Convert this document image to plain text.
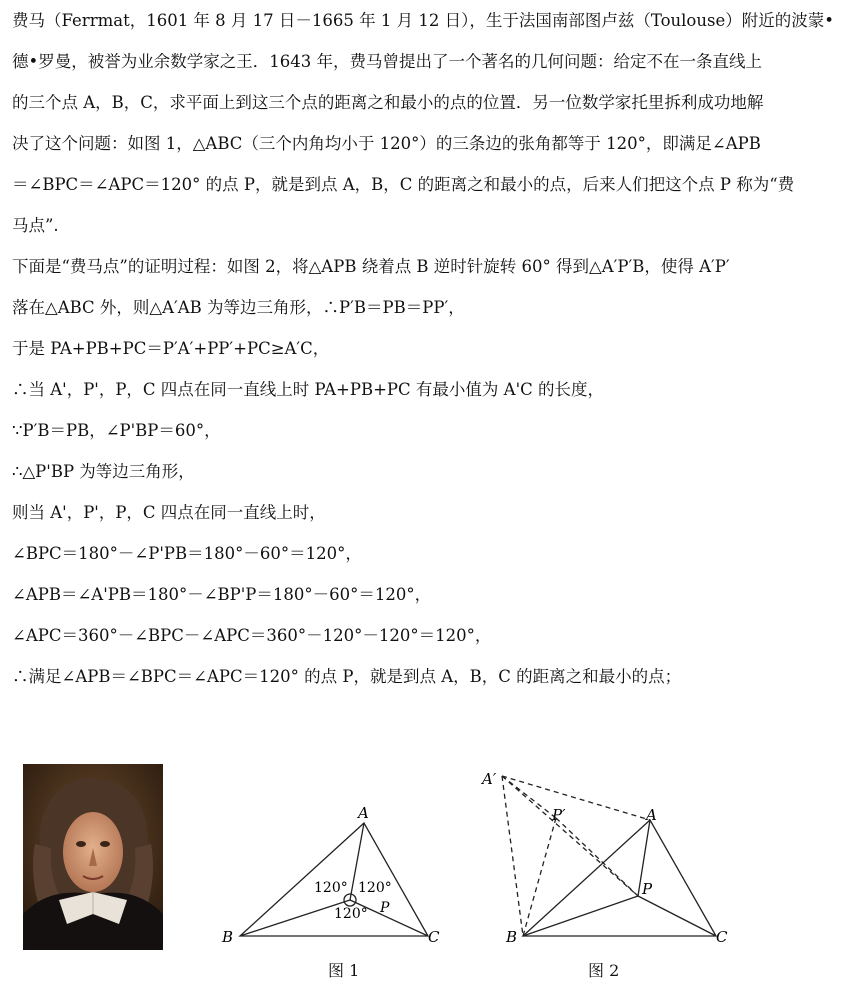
费马（Ferrmat，1601 年 8 月 17 日－1665 年 1 月 12 日），生于法国南部图卢兹（Toulouse）附近的波蒙•
德•罗曼，被誉为业余数学家之王．1643 年，费马曾提出了一个著名的几何问题：给定不在一条直线上
的三个点 A，B，C，求平面上到这三个点的距离之和最小的点的位置．另一位数学家托里拆利成功地解
决了这个问题：如图 1，△ABC（三个内角均小于 120°）的三条边的张角都等于 120°，即满足∠APB
＝∠BPC＝∠APC＝120° 的点 P，就是到点 A，B，C 的距离之和最小的点，后来人们把这个点 P 称为“费
马点”.
下面是“费马点”的证明过程：如图 2，将△APB 绕着点 B 逆时针旋转 60° 得到△A′P′B，使得 A′P′
落在△ABC 外，则△A′AB 为等边三角形，∴P′B＝PB＝PP′，
于是 PA+PB+PC＝P′A′+PP′+PC≥A′C，
∴当 A'，P'，P，C 四点在同一直线上时 PA+PB+PC 有最小值为 A'C 的长度，
∵P′B＝PB，∠P'BP＝60°，
∴△P'BP 为等边三角形，
则当 A'，P'，P，C 四点在同一直线上时，
∠BPC＝180°－∠P'PB＝180°－60°＝120°，
∠APB＝∠A'PB＝180°－∠BP'P＝180°－60°＝120°，
∠APC＝360°－∠BPC－∠APC＝360°－120°－120°＝120°，
∴满足∠APB＝∠BPC＝∠APC＝120° 的点 P，就是到点 A，B，C 的距离之和最小的点；
A
B	C
P
120° 120°
120°
图 1
A′
P′	A
P
B	C
图 2
